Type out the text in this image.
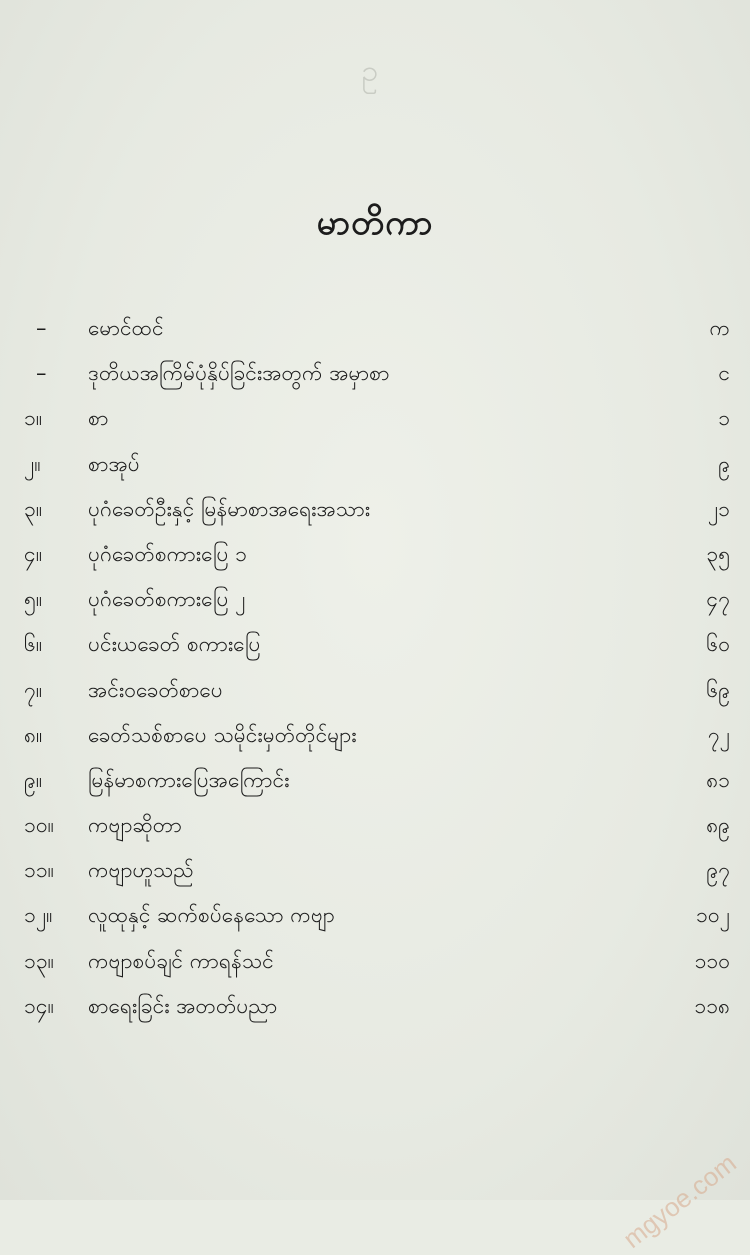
ဥ
မာတိကာ
–	မောင်ထင်	က
–	ဒုတိယအကြိမ်ပုံနှိပ်ခြင်းအတွက် အမှာစာ	င
၁။	စာ	၁
၂။	စာအုပ်	၉
၃။	ပုဂံခေတ်ဦးနှင့် မြန်မာစာအရေးအသား	၂၁
၄။	ပုဂံခေတ်စကားပြေ ၁	၃၅
၅။	ပုဂံခေတ်စကားပြေ ၂	၄၇
၆။	ပင်းယခေတ် စကားပြေ	၆၀
၇။	အင်းဝခေတ်စာပေ	၆၉
၈။	ခေတ်သစ်စာပေ သမိုင်းမှတ်တိုင်များ	၇၂
၉။	မြန်မာစကားပြေအကြောင်း	၈၁
၁၀။	ကဗျာဆိုတာ	၈၉
၁၁။	ကဗျာဟူသည်	၉၇
၁၂။	လူထုနှင့် ဆက်စပ်နေသော ကဗျာ	၁၀၂
၁၃။	ကဗျာစပ်ချင် ကာရန်သင်	၁၁၀
၁၄။	စာရေးခြင်း အတတ်ပညာ	၁၁၈
mgyoe.com
